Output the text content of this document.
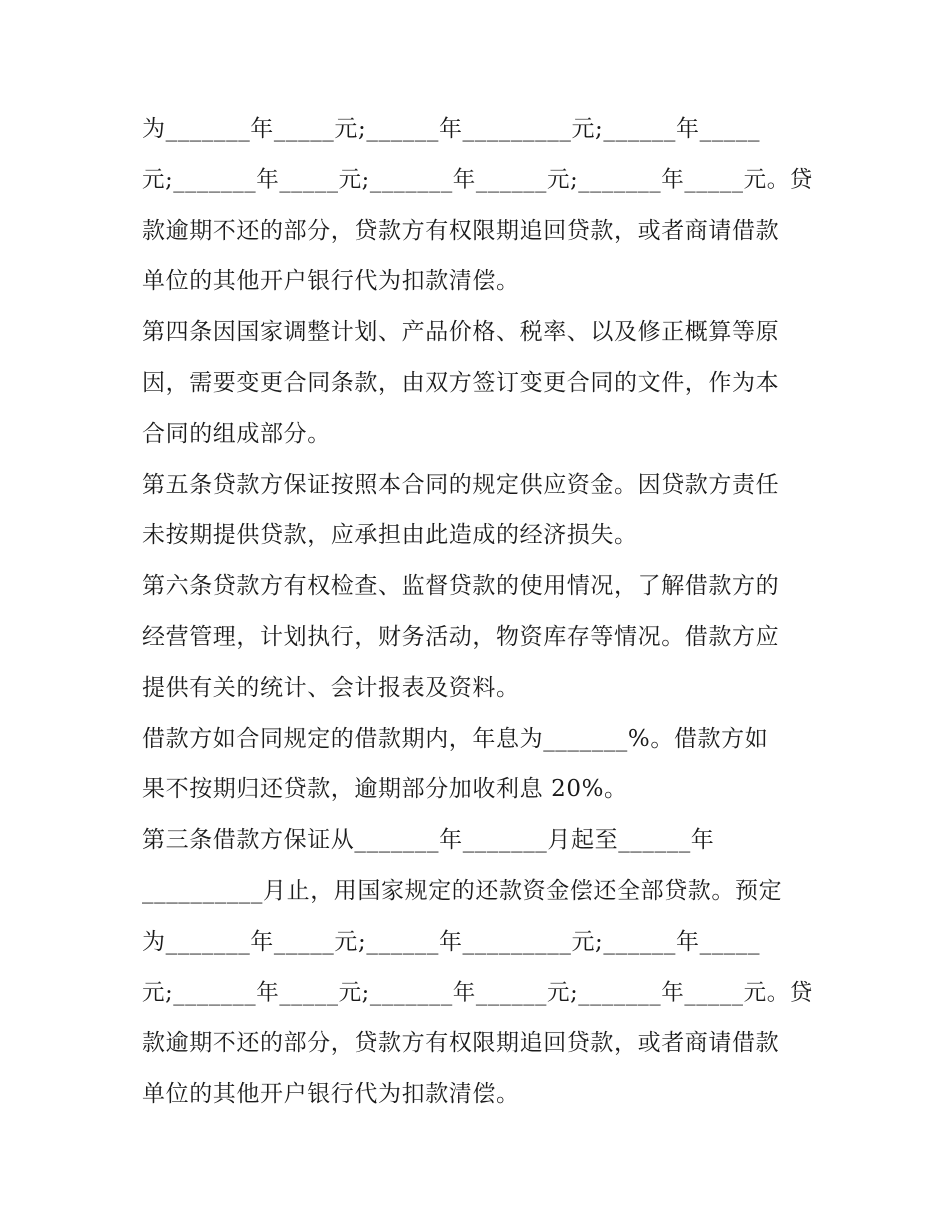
为_______年_____元;______年_________元;______年_____
元;_______年_____元;_______年______元;_______年_____元。贷
款逾期不还的部分，贷款方有权限期追回贷款，或者商请借款
单位的其他开户银行代为扣款清偿。
第四条因国家调整计划、产品价格、税率、以及修正概算等原
因，需要变更合同条款，由双方签订变更合同的文件，作为本
合同的组成部分。
第五条贷款方保证按照本合同的规定供应资金。因贷款方责任
未按期提供贷款，应承担由此造成的经济损失。
第六条贷款方有权检查、监督贷款的使用情况，了解借款方的
经营管理，计划执行，财务活动，物资库存等情况。借款方应
提供有关的统计、会计报表及资料。
借款方如合同规定的借款期内，年息为_______%。借款方如
果不按期归还贷款，逾期部分加收利息 20%。
第三条借款方保证从_______年_______月起至______年
__________月止，用国家规定的还款资金偿还全部贷款。预定
为_______年_____元;______年_________元;______年_____
元;_______年_____元;_______年______元;_______年_____元。贷
款逾期不还的部分，贷款方有权限期追回贷款，或者商请借款
单位的其他开户银行代为扣款清偿。
